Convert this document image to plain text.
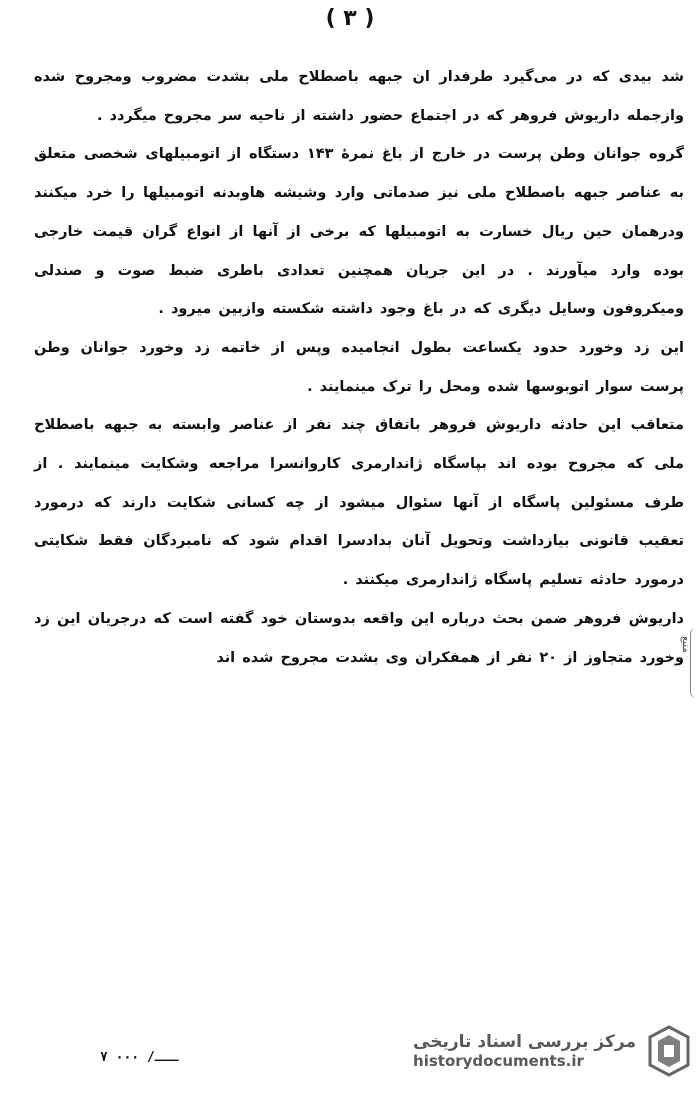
( ۳ )

شد بیدی که در می‌گیرد طرفدار ان جبهه باصطلاح ملی بشدت مضروب ومجروح شده وازجمله داریوش فروهر که در اجتماع حضور داشته از ناحیه سر مجروح میگردد .

گروه جوانان وطن پرست در خارج از باغ نمرۀ ۱۴۳ دستگاه از اتومبیلهای شخصی متعلق به عناصر جبهه باصطلاح ملی نیز صدماتی وارد وشیشه هاوبدنه اتومبیلها را خرد میکنند ودرهمان حین ریال خسارت به اتومبیلها که برخی از آنها از انواع گران قیمت خارجی بوده وارد میآورند . در این جریان همچنین تعدادی باطری ضبط صوت و صندلی ومیکروفون وسایل دیگری که در باغ وجود داشته شکسته وازبین میرود .

این زد وخورد حدود یکساعت بطول انجامیده وپس از خاتمه زد وخورد جوانان وطن پرست سوار اتوبوسها شده ومحل را ترک مینمایند .

متعاقب این حادثه داریوش فروهر باتفاق چند نفر از عناصر وابسته به جبهه باصطلاح ملی که مجروح بوده اند بپاسگاه ژاندارمری کاروانسرا مراجعه وشکایت مینمایند . از طرف مسئولین پاسگاه از آنها سئوال میشود از چه کسانی شکایت دارند که درمورد تعقیب قانونی بیازداشت وتحویل آنان بدادسرا اقدام شود که نامبردگان فقط شکایتی درمورد حادثه تسلیم پاسگاه ژاندارمری میکنند .

داریوش فروهر ضمن بحث درباره این واقعه بدوستان خود گفته است که درجریان این زد وخورد متجاوز از ۲۰ نفر از همفکران وی بشدت مجروح شده اند

منبع
۷ ـــ/ ۰۰۰
مرکز بررسی اسناد تاریخی
historydocuments.ir
